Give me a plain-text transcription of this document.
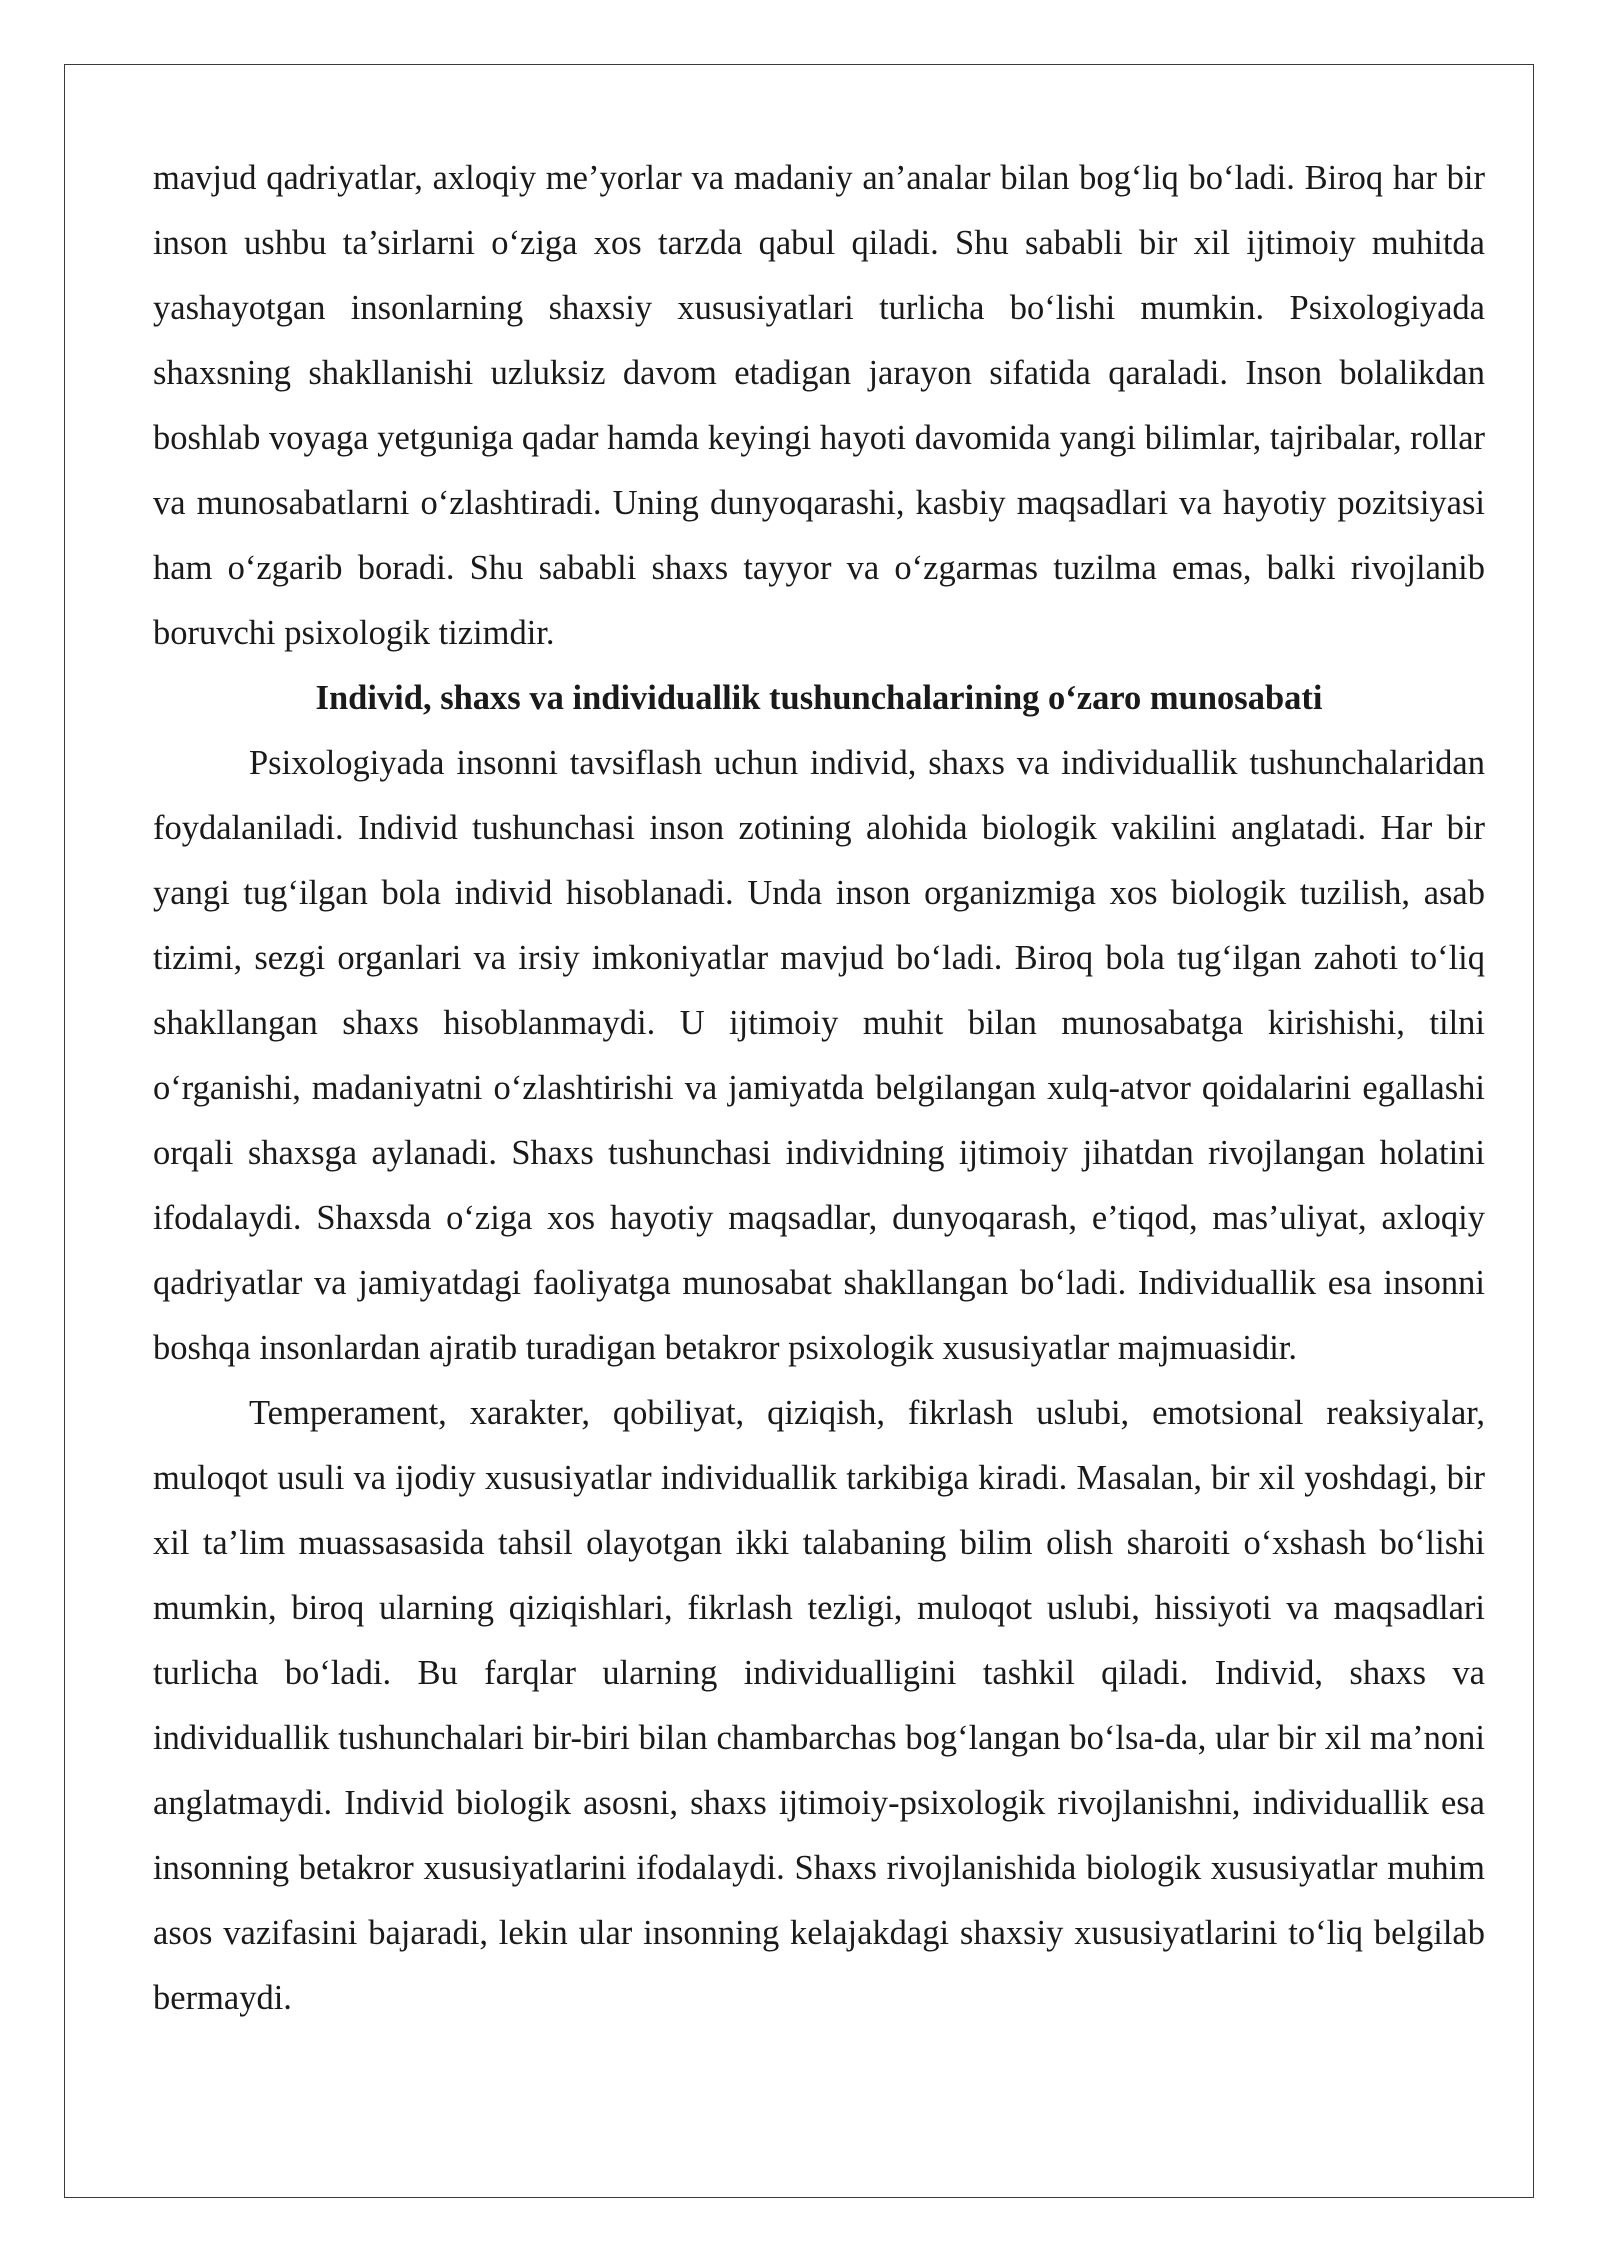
mavjud qadriyatlar, axloqiy me’yorlar va madaniy an’analar bilan bog‘liq bo‘ladi. Biroq har bir inson ushbu ta’sirlarni o‘ziga xos tarzda qabul qiladi. Shu sababli bir xil ijtimoiy muhitda yashayotgan insonlarning shaxsiy xususiyatlari turlicha bo‘lishi mumkin. Psixologiyada shaxsning shakllanishi uzluksiz davom etadigan jarayon sifatida qaraladi. Inson bolalikdan boshlab voyaga yetguniga qadar hamda keyingi hayoti davomida yangi bilimlar, tajribalar, rollar va munosabatlarni o‘zlashtiradi. Uning dunyoqarashi, kasbiy maqsadlari va hayotiy pozitsiyasi ham o‘zgarib boradi. Shu sababli shaxs tayyor va o‘zgarmas tuzilma emas, balki rivojlanib boruvchi psixologik tizimdir.

Individ, shaxs va individuallik tushunchalarining o‘zaro munosabati

Psixologiyada insonni tavsiflash uchun individ, shaxs va individuallik tushunchalaridan foydalaniladi. Individ tushunchasi inson zotining alohida biologik vakilini anglatadi. Har bir yangi tug‘ilgan bola individ hisoblanadi. Unda inson organizmiga xos biologik tuzilish, asab tizimi, sezgi organlari va irsiy imkoniyatlar mavjud bo‘ladi. Biroq bola tug‘ilgan zahoti to‘liq shakllangan shaxs hisoblanmaydi. U ijtimoiy muhit bilan munosabatga kirishishi, tilni o‘rganishi, madaniyatni o‘zlashtirishi va jamiyatda belgilangan xulq-atvor qoidalarini egallashi orqali shaxsga aylanadi. Shaxs tushunchasi individning ijtimoiy jihatdan rivojlangan holatini ifodalaydi. Shaxsda o‘ziga xos hayotiy maqsadlar, dunyoqarash, e’tiqod, mas’uliyat, axloqiy qadriyatlar va jamiyatdagi faoliyatga munosabat shakllangan bo‘ladi. Individuallik esa insonni boshqa insonlardan ajratib turadigan betakror psixologik xususiyatlar majmuasidir.

Temperament, xarakter, qobiliyat, qiziqish, fikrlash uslubi, emotsional reaksiyalar, muloqot usuli va ijodiy xususiyatlar individuallik tarkibiga kiradi. Masalan, bir xil yoshdagi, bir xil ta’lim muassasasida tahsil olayotgan ikki talabaning bilim olish sharoiti o‘xshash bo‘lishi mumkin, biroq ularning qiziqishlari, fikrlash tezligi, muloqot uslubi, hissiyoti va maqsadlari turlicha bo‘ladi. Bu farqlar ularning individualligini tashkil qiladi. Individ, shaxs va individuallik tushunchalari bir-biri bilan chambarchas bog‘langan bo‘lsa-da, ular bir xil ma’noni anglatmaydi. Individ biologik asosni, shaxs ijtimoiy-psixologik rivojlanishni, individuallik esa insonning betakror xususiyatlarini ifodalaydi. Shaxs rivojlanishida biologik xususiyatlar muhim asos vazifasini bajaradi, lekin ular insonning kelajakdagi shaxsiy xususiyatlarini to‘liq belgilab bermaydi.
